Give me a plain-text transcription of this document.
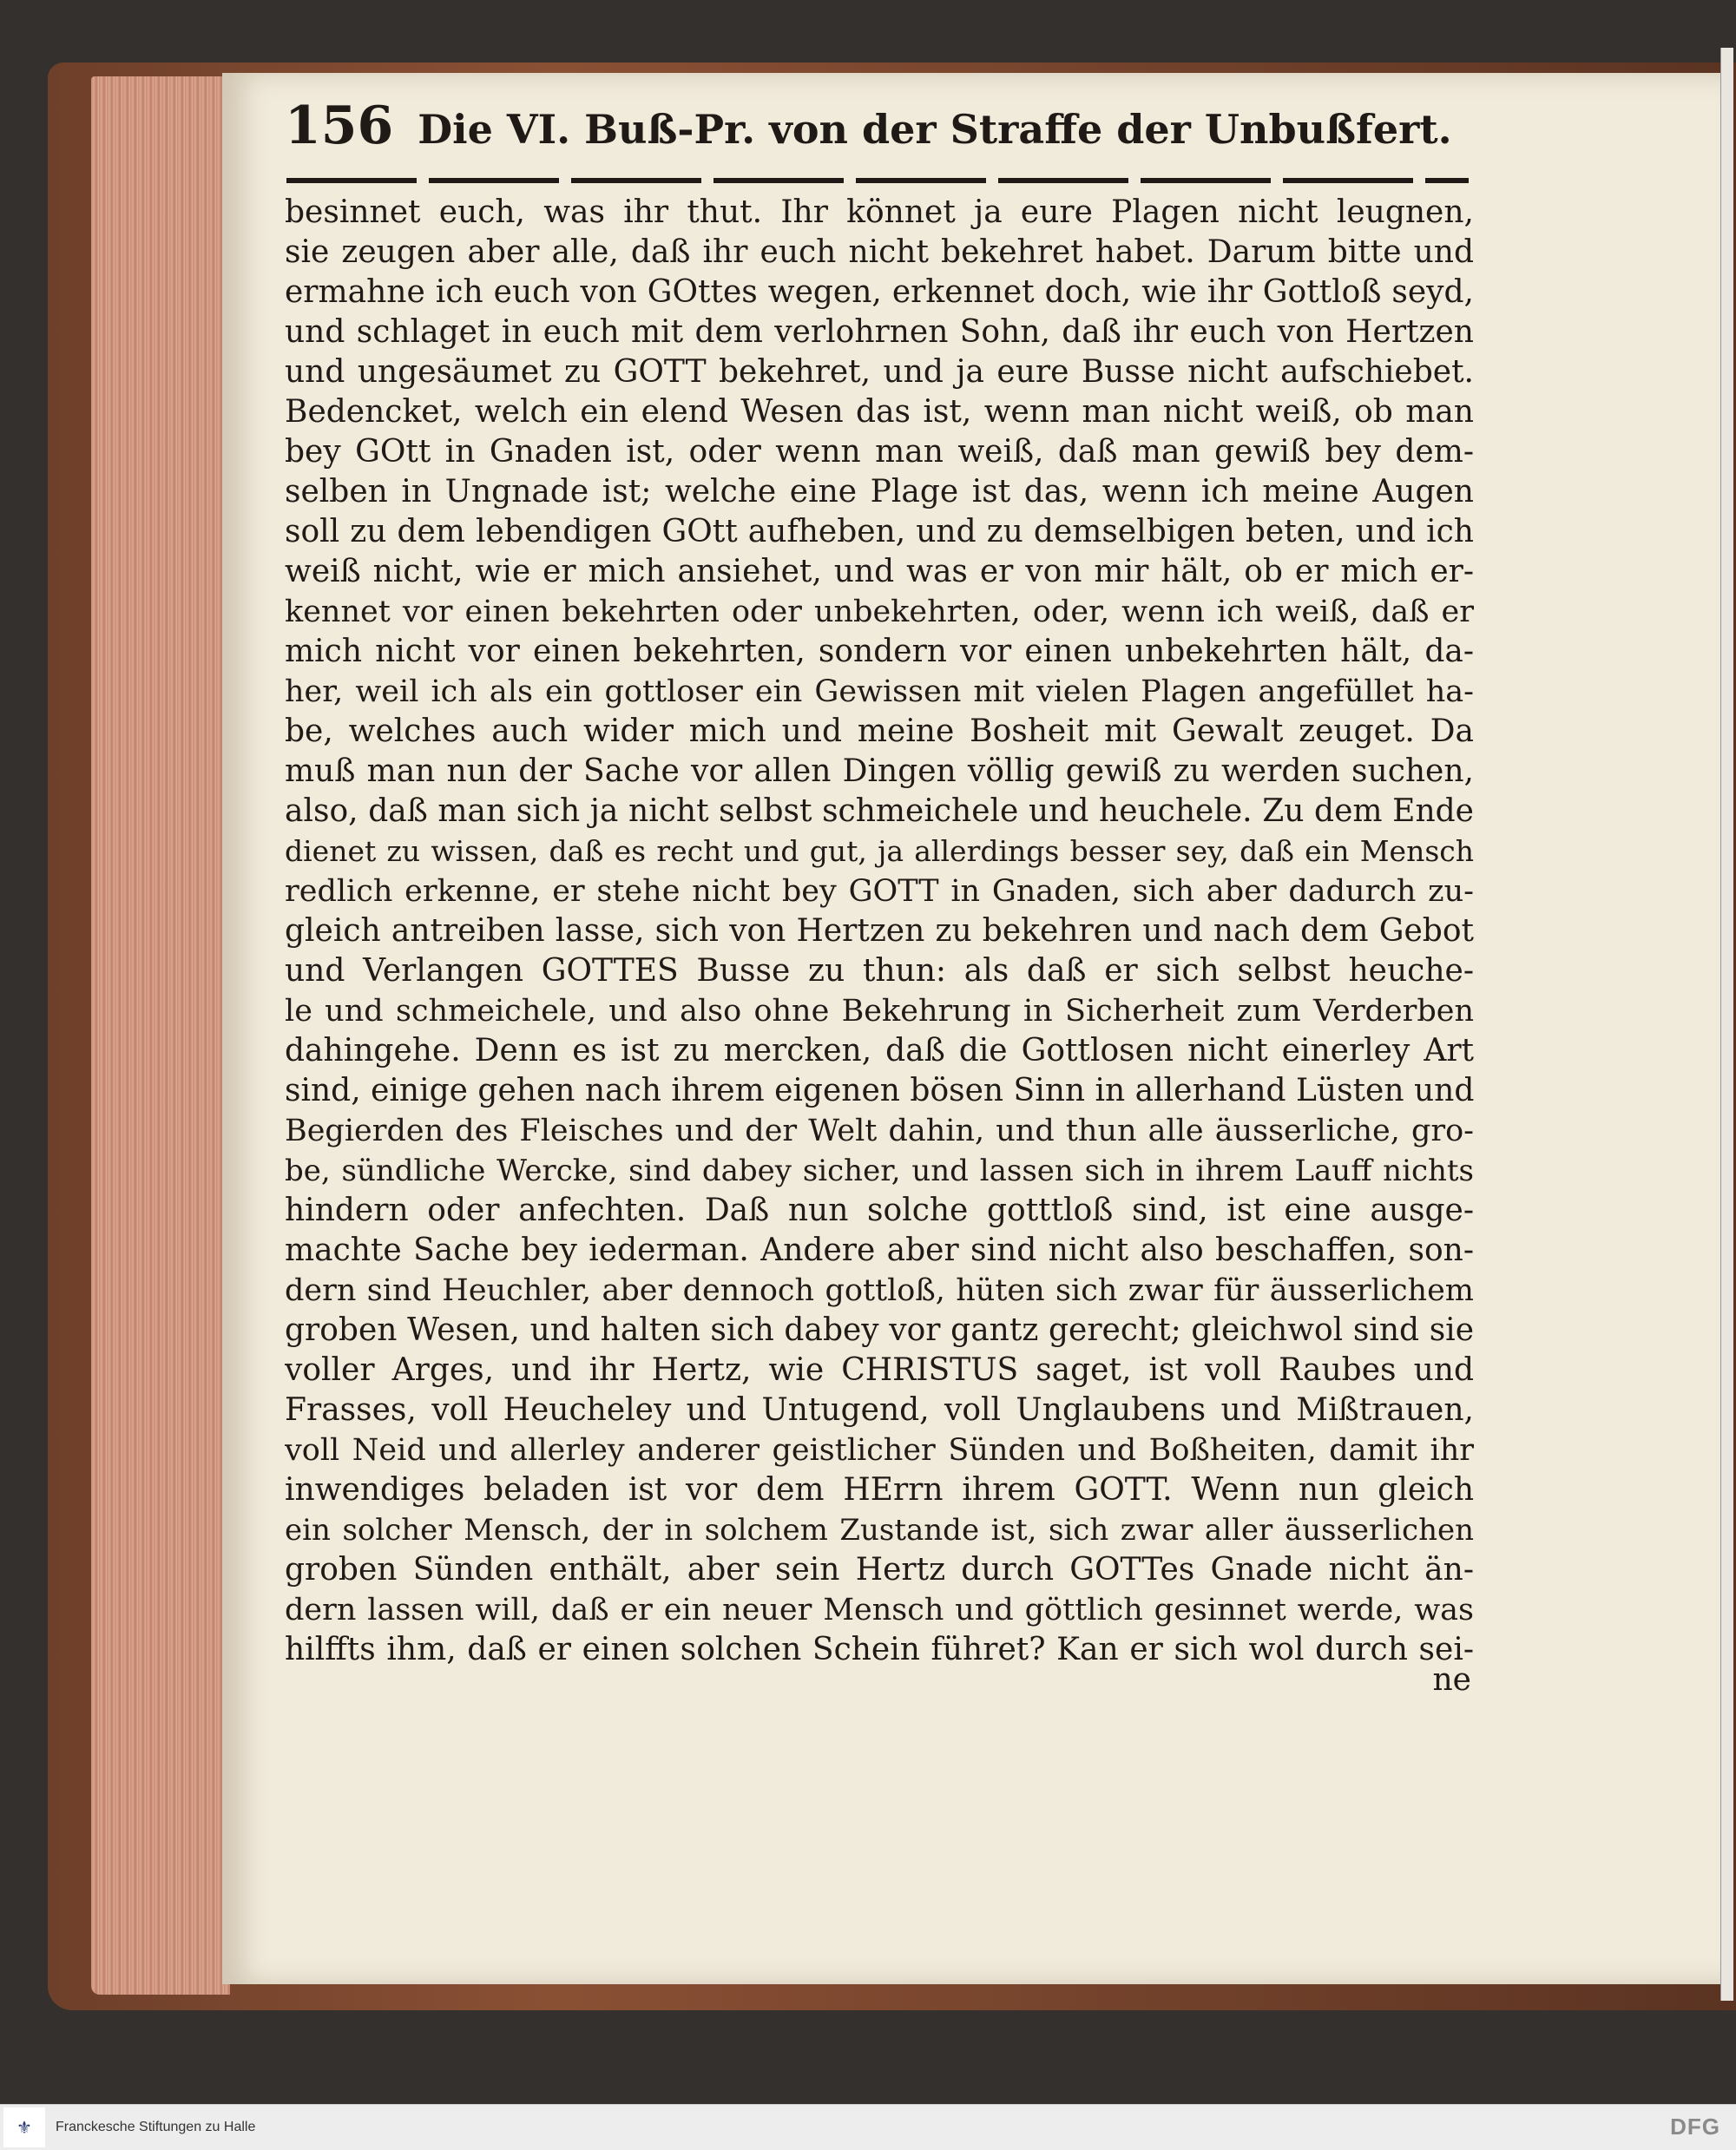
156 Die VI. Buß-Pr. von der Straffe der Unbußfert.
besinnet euch, was ihr thut. Ihr könnet ja eure Plagen nicht leugnen,
sie zeugen aber alle, daß ihr euch nicht bekehret habet. Darum bitte und
ermahne ich euch von GOttes wegen, erkennet doch, wie ihr Gottloß seyd,
und schlaget in euch mit dem verlohrnen Sohn, daß ihr euch von Hertzen
und ungesäumet zu GOTT bekehret, und ja eure Busse nicht aufschiebet.
Bedencket, welch ein elend Wesen das ist, wenn man nicht weiß, ob man
bey GOtt in Gnaden ist, oder wenn man weiß, daß man gewiß bey dem-
selben in Ungnade ist; welche eine Plage ist das, wenn ich meine Augen
soll zu dem lebendigen GOtt aufheben, und zu demselbigen beten, und ich
weiß nicht, wie er mich ansiehet, und was er von mir hält, ob er mich er-
kennet vor einen bekehrten oder unbekehrten, oder, wenn ich weiß, daß er
mich nicht vor einen bekehrten, sondern vor einen unbekehrten hält, da-
her, weil ich als ein gottloser ein Gewissen mit vielen Plagen angefüllet ha-
be, welches auch wider mich und meine Bosheit mit Gewalt zeuget. Da
muß man nun der Sache vor allen Dingen völlig gewiß zu werden suchen,
also, daß man sich ja nicht selbst schmeichele und heuchele. Zu dem Ende
dienet zu wissen, daß es recht und gut, ja allerdings besser sey, daß ein Mensch
redlich erkenne, er stehe nicht bey GOTT in Gnaden, sich aber dadurch zu-
gleich antreiben lasse, sich von Hertzen zu bekehren und nach dem Gebot
und Verlangen GOTTES Busse zu thun: als daß er sich selbst heuche-
le und schmeichele, und also ohne Bekehrung in Sicherheit zum Verderben
dahingehe. Denn es ist zu mercken, daß die Gottlosen nicht einerley Art
sind, einige gehen nach ihrem eigenen bösen Sinn in allerhand Lüsten und
Begierden des Fleisches und der Welt dahin, und thun alle äusserliche, gro-
be, sündliche Wercke, sind dabey sicher, und lassen sich in ihrem Lauff nichts
hindern oder anfechten. Daß nun solche gotttloß sind, ist eine ausge-
machte Sache bey iederman. Andere aber sind nicht also beschaffen, son-
dern sind Heuchler, aber dennoch gottloß, hüten sich zwar für äusserlichem
groben Wesen, und halten sich dabey vor gantz gerecht; gleichwol sind sie
voller Arges, und ihr Hertz, wie CHRISTUS saget, ist voll Raubes und
Frasses, voll Heucheley und Untugend, voll Unglaubens und Mißtrauen,
voll Neid und allerley anderer geistlicher Sünden und Boßheiten, damit ihr
inwendiges beladen ist vor dem HErrn ihrem GOTT. Wenn nun gleich
ein solcher Mensch, der in solchem Zustande ist, sich zwar aller äusserlichen
groben Sünden enthält, aber sein Hertz durch GOTTes Gnade nicht än-
dern lassen will, daß er ein neuer Mensch und göttlich gesinnet werde, was
hilffts ihm, daß er einen solchen Schein führet? Kan er sich wol durch sei-
ne
⚜	Franckesche Stiftungen zu Halle	DFG
